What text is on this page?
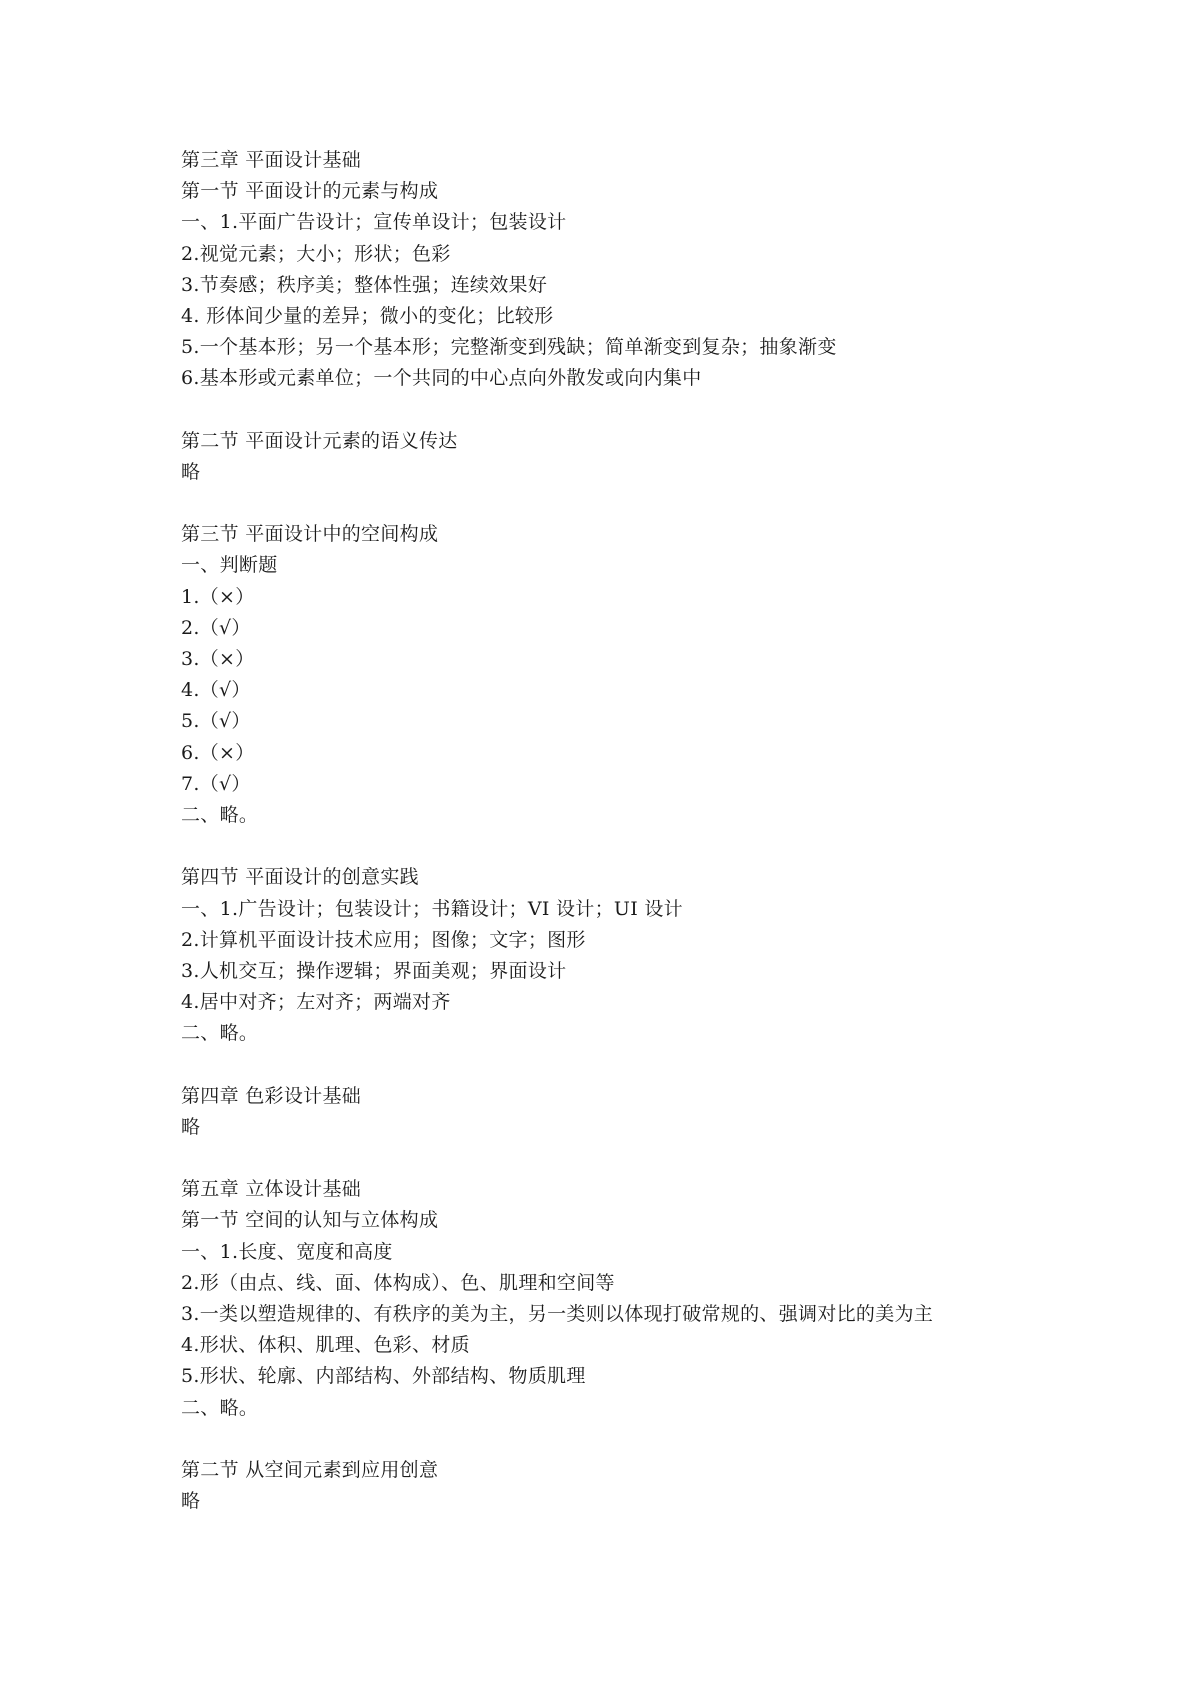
第三章 平面设计基础
第一节 平面设计的元素与构成
一、1.平面广告设计；宣传单设计；包装设计
2.视觉元素；大小；形状；色彩
3.节奏感；秩序美；整体性强；连续效果好
4. 形体间少量的差异；微小的变化；比较形
5.一个基本形；另一个基本形；完整渐变到残缺；简单渐变到复杂；抽象渐变
6.基本形或元素单位；一个共同的中心点向外散发或向内集中
第二节 平面设计元素的语义传达
略
第三节 平面设计中的空间构成
一、判断题
1.（×）
2.（√）
3.（×）
4.（√）
5.（√）
6.（×）
7.（√）
二、略。
第四节 平面设计的创意实践
一、1.广告设计；包装设计；书籍设计；VI 设计；UI 设计
2.计算机平面设计技术应用；图像；文字；图形
3.人机交互；操作逻辑；界面美观；界面设计
4.居中对齐；左对齐；两端对齐
二、略。
第四章 色彩设计基础
略
第五章 立体设计基础
第一节 空间的认知与立体构成
一、1.长度、宽度和高度
2.形（由点、线、面、体构成）、色、肌理和空间等
3.一类以塑造规律的、有秩序的美为主，另一类则以体现打破常规的、强调对比的美为主
4.形状、体积、肌理、色彩、材质
5.形状、轮廓、内部结构、外部结构、物质肌理
二、略。
第二节 从空间元素到应用创意
略
